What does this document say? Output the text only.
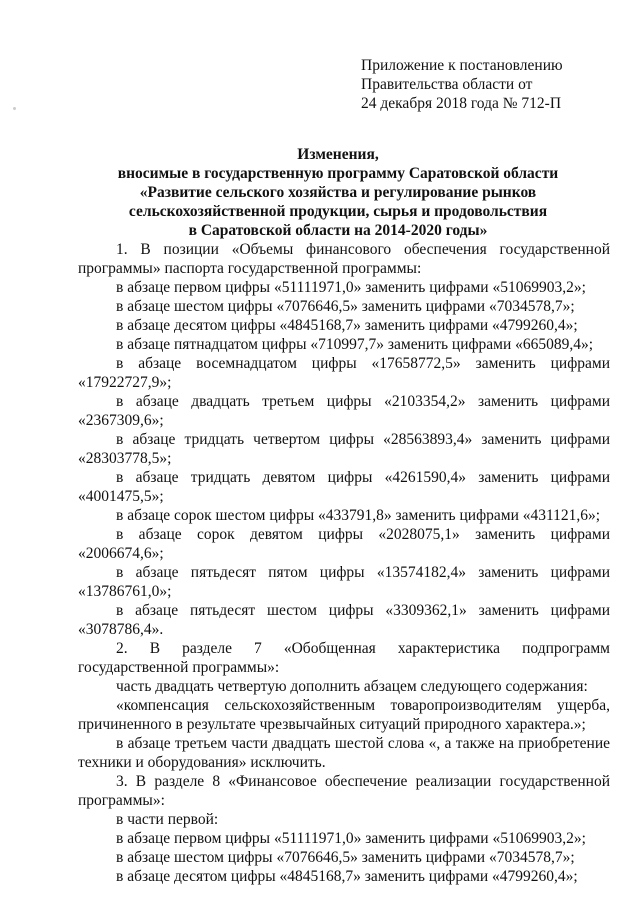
Приложение к постановлению
Правительства области от
24 декабря 2018 года № 712-П
Изменения,
вносимые в государственную программу Саратовской области
«Развитие сельского хозяйства и регулирование рынков
сельскохозяйственной продукции, сырья и продовольствия
в Саратовской области на 2014-2020 годы»

1. В позиции «Объемы финансового обеспечения государственной программы» паспорта государственной программы:

в абзаце первом цифры «51111971,0» заменить цифрами «51069903,2»;

в абзаце шестом цифры «7076646,5» заменить цифрами «7034578,7»;

в абзаце десятом цифры «4845168,7» заменить цифрами «4799260,4»;

в абзаце пятнадцатом цифры «710997,7» заменить цифрами «665089,4»;

в абзаце восемнадцатом цифры «17658772,5» заменить цифрами «17922727,9»;

в абзаце двадцать третьем цифры «2103354,2» заменить цифрами «2367309,6»;

в абзаце тридцать четвертом цифры «28563893,4» заменить цифрами «28303778,5»;

в абзаце тридцать девятом цифры «4261590,4» заменить цифрами «4001475,5»;

в абзаце сорок шестом цифры «433791,8» заменить цифрами «431121,6»;

в абзаце сорок девятом цифры «2028075,1» заменить цифрами «2006674,6»;

в абзаце пятьдесят пятом цифры «13574182,4» заменить цифрами «13786761,0»;

в абзаце пятьдесят шестом цифры «3309362,1» заменить цифрами «3078786,4».

2. В разделе 7 «Обобщенная характеристика подпрограмм государственной программы»:

часть двадцать четвертую дополнить абзацем следующего содержания:

«компенсация сельскохозяйственным товаропроизводителям ущерба, причиненного в результате чрезвычайных ситуаций природного характера.»;

в абзаце третьем части двадцать шестой слова «, а также на приобретение техники и оборудования» исключить.

3. В разделе 8 «Финансовое обеспечение реализации государственной программы»:

в части первой:

в абзаце первом цифры «51111971,0» заменить цифрами «51069903,2»;

в абзаце шестом цифры «7076646,5» заменить цифрами «7034578,7»;

в абзаце десятом цифры «4845168,7» заменить цифрами «4799260,4»;
